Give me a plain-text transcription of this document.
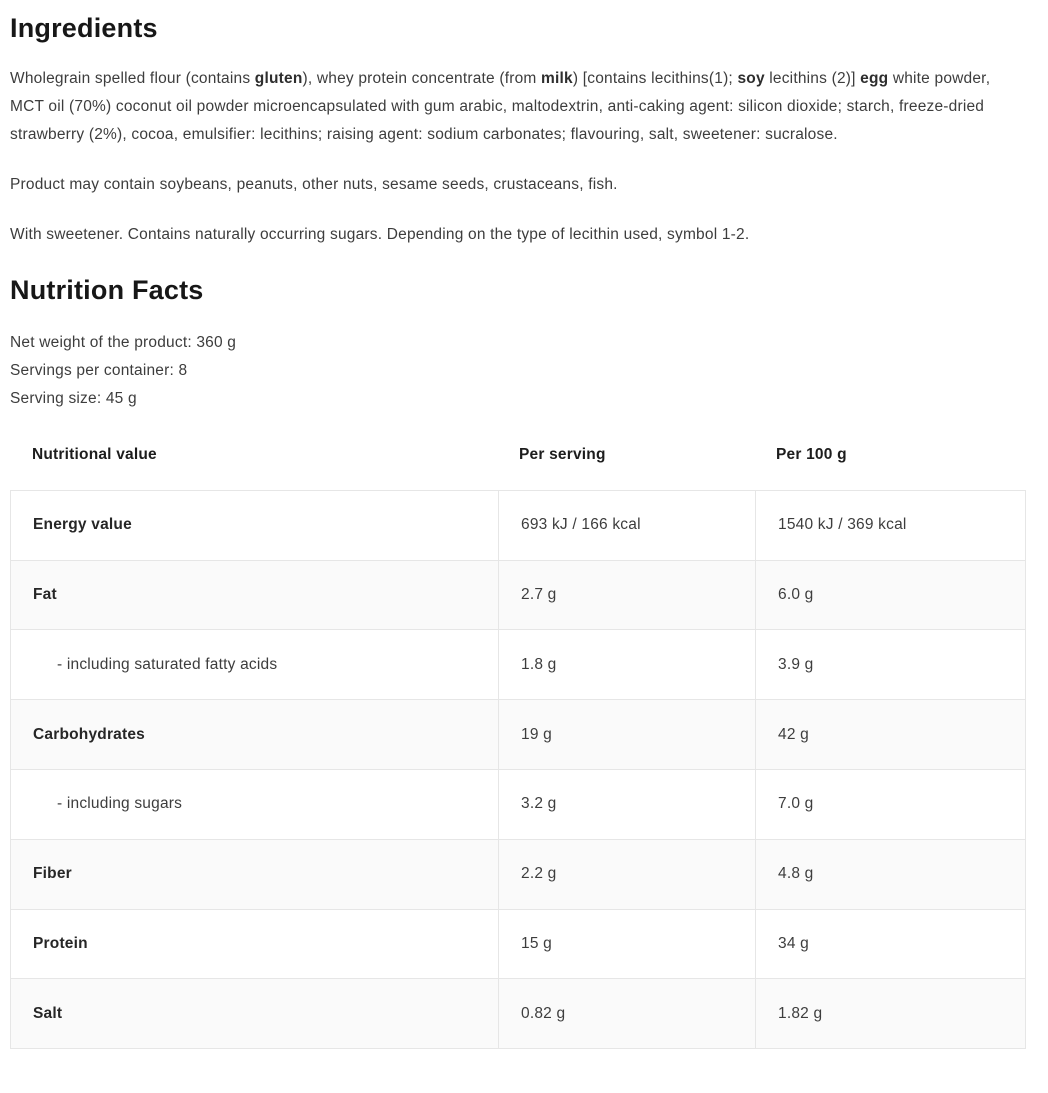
Ingredients

Wholegrain spelled flour (contains gluten), whey protein concentrate (from milk) [contains lecithins(1); soy lecithins (2)] egg white powder, MCT oil (70%) coconut oil powder microencapsulated with gum arabic, maltodextrin, anti-caking agent: silicon dioxide; starch, freeze-dried strawberry (2%), cocoa, emulsifier: lecithins; raising agent: sodium carbonates; flavouring, salt, sweetener: sucralose.

Product may contain soybeans, peanuts, other nuts, sesame seeds, crustaceans, fish.

With sweetener. Contains naturally occurring sugars. Depending on the type of lecithin used, symbol 1-2.

Nutrition Facts
Net weight of the product: 360 g
Servings per container: 8
Serving size: 45 g
Nutritional value	Per serving	Per 100 g
Energy value	693 kJ / 166 kcal	1540 kJ / 369 kcal
Fat	2.7 g	6.0 g
- including saturated fatty acids	1.8 g	3.9 g
Carbohydrates	19 g	42 g
- including sugars	3.2 g	7.0 g
Fiber	2.2 g	4.8 g
Protein	15 g	34 g
Salt	0.82 g	1.82 g
